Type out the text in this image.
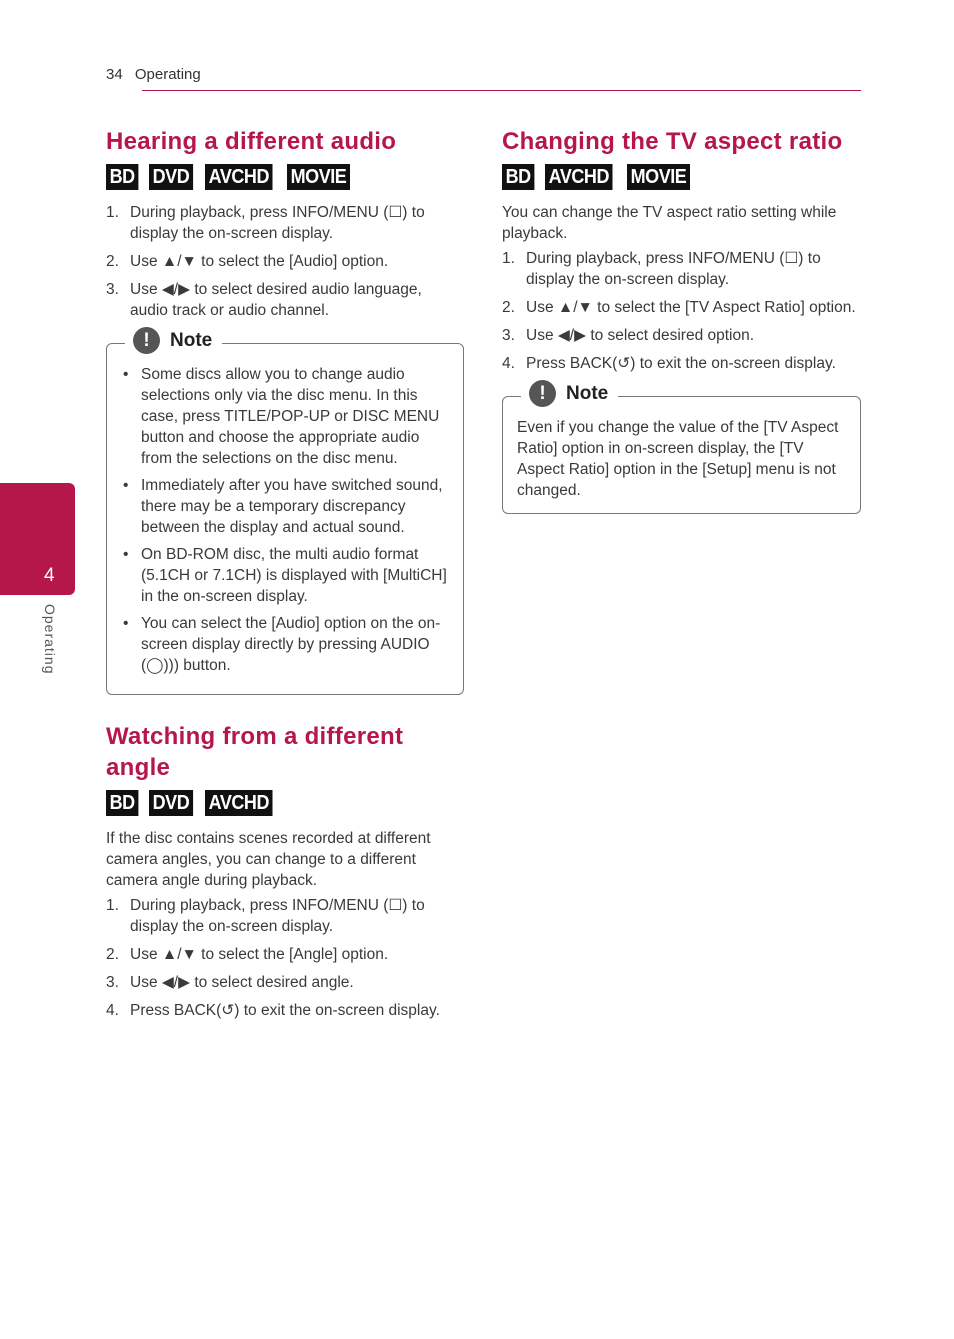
34 Operating
4
Operating
Hearing a different audio
BD DVD AVCHD MOVIE
1. During playback, press INFO/MENU (☐) to display the on-screen display.
2. Use ▲/▼ to select the [Audio] option.
3. Use ◀/▶ to select desired audio language, audio track or audio channel.
!	Note
• Some discs allow you to change audio selections only via the disc menu. In this case, press TITLE/POP-UP or DISC MENU button and choose the appropriate audio from the selections on the disc menu.
• Immediately after you have switched sound, there may be a temporary discrepancy between the display and actual sound.
• On BD-ROM disc, the multi audio format (5.1CH or 7.1CH) is displayed with [MultiCH] in the on-screen display.
• You can select the [Audio] option on the on-screen display directly by pressing AUDIO (◯))) button.
Watching from a different angle
BD DVD AVCHD

If the disc contains scenes recorded at different camera angles, you can change to a different camera angle during playback.

1. During playback, press INFO/MENU (☐) to display the on-screen display.
2. Use ▲/▼ to select the [Angle] option.
3. Use ◀/▶ to select desired angle.
4. Press BACK(↺) to exit the on-screen display.
Changing the TV aspect ratio
BD AVCHD MOVIE

You can change the TV aspect ratio setting while playback.

1. During playback, press INFO/MENU (☐) to display the on-screen display.
2. Use ▲/▼ to select the [TV Aspect Ratio] option.
3. Use ◀/▶ to select desired option.
4. Press BACK(↺) to exit the on-screen display.
!	Note

Even if you change the value of the [TV Aspect Ratio] option in on-screen display, the [TV Aspect Ratio] option in the [Setup] menu is not changed.
